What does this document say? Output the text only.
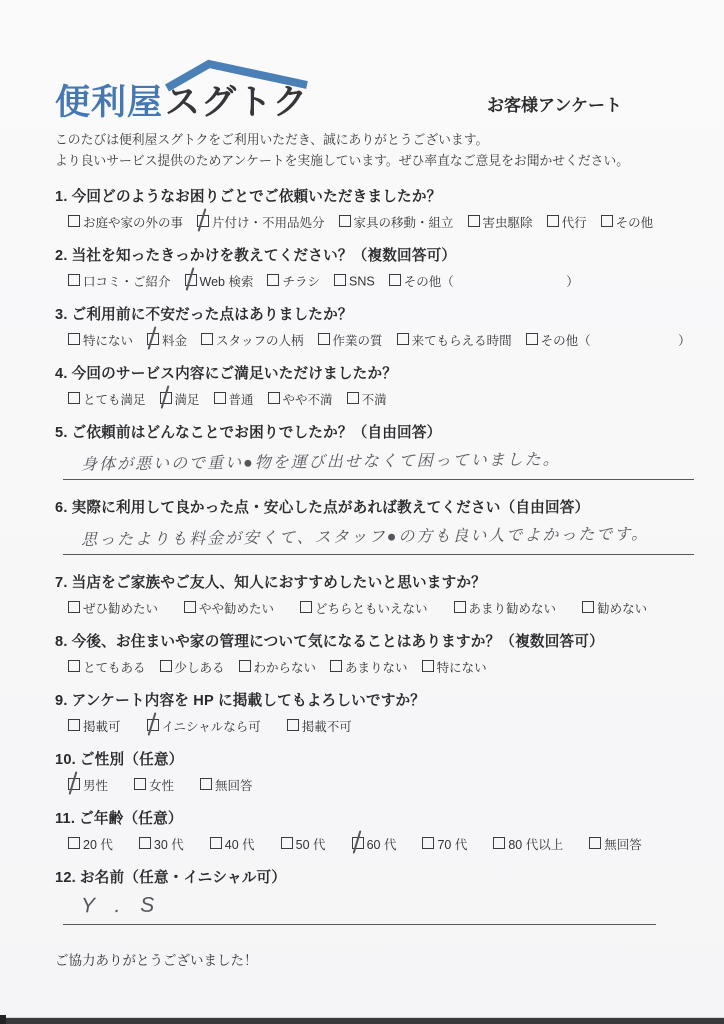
便利屋 スグトク	お客様アンケート

このたびは便利屋スグトクをご利用いただき、誠にありがとうございます。

より良いサービス提供のためアンケートを実施しています。ぜひ率直なご意見をお聞かせください。

1. 今回どのようなお困りごとでご依頼いただきましたか？
お庭や家の外の事 片付け・不用品処分 家具の移動・組立 害虫駆除 代行 その他
2. 当社を知ったきっかけを教えてください？（複数回答可）
口コミ・ご紹介 Web 検索 チラシ SNS その他（　　　　　　　　　）
3. ご利用前に不安だった点はありましたか？
特にない 料金 スタッフの人柄 作業の質 来てもらえる時間 その他（　　　　　　　）
4. 今回のサービス内容にご満足いただけましたか？
とても満足 満足 普通 やや不満 不満
5. ご依頼前はどんなことでお困りでしたか？（自由回答）
身体が悪いので重い●物を運び出せなくて困っていました。
6. 実際に利用して良かった点・安心した点があれば教えてください（自由回答）
思ったよりも料金が安くて、スタッフ●の方も良い人でよかったです。
7. 当店をご家族やご友人、知人におすすめしたいと思いますか？
ぜひ勧めたい	やや勧めたい	どちらともいえない	あまり勧めない	勧めない
8. 今後、お住まいや家の管理について気になることはありますか？（複数回答可）
とてもある 少しある わからない あまりない 特にない
9. アンケート内容を HP に掲載してもよろしいですか？
掲載可	イニシャルなら可	掲載不可
10. ご性別（任意）
男性	女性	無回答
11. ご年齢（任意）
20 代	30 代	40 代	50 代	60 代	70 代	80 代以上	無回答
12. お名前（任意・イニシャル可）
Y . S

ご協力ありがとうございました！
